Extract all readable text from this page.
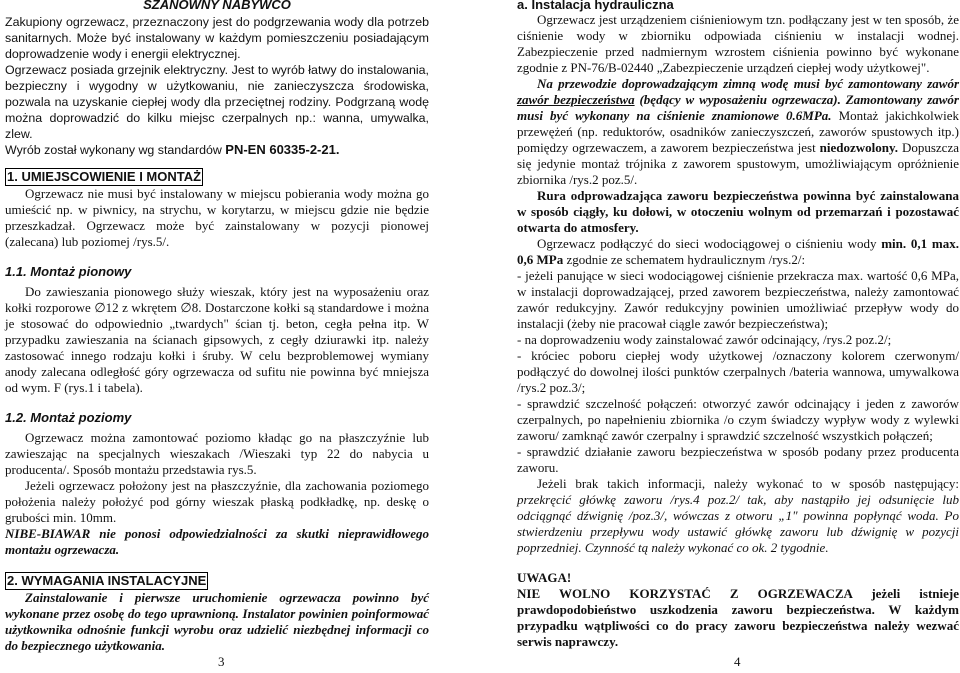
SZANOWNY NABYWCO

Zakupiony ogrzewacz, przeznaczony jest do podgrzewania wody dla potrzeb sanitarnych. Może być instalowany w każdym pomieszczeniu posiadającym doprowadzenie wody i energii elektrycznej.

Ogrzewacz posiada grzejnik elektryczny. Jest to wyrób łatwy do instalowania, bezpieczny i wygodny w użytkowaniu, nie zanieczyszcza środowiska, pozwala na uzyskanie ciepłej wody dla przeciętnej rodziny. Podgrzaną wodę można doprowadzić do kilku miejsc czerpalnych np.: wanna, umywalka, zlew.

Wyrób został wykonany wg standardów PN-EN 60335-2-21.

1. UMIEJSCOWIENIE I MONTAŻ

Ogrzewacz nie musi być instalowany w miejscu pobierania wody można go umieścić np. w piwnicy, na strychu, w korytarzu, w miejscu gdzie nie będzie przeszkadzał. Ogrzewacz może być zainstalowany w pozycji pionowej (zalecana) lub poziomej /rys.5/.

1.1. Montaż pionowy

Do zawieszania pionowego służy wieszak, który jest na wyposażeniu oraz kołki rozporowe ∅12 z wkrętem ∅8. Dostarczone kołki są standardowe i można je stosować do odpowiednio „twardych" ścian tj. beton, cegła pełna itp. W przypadku zawieszania na ścianach gipsowych, z cegły dziurawki itp. należy zastosować innego rodzaju kołki i śruby. W celu bezproblemowej wymiany anody zalecana odległość góry ogrzewacza od sufitu nie powinna być mniejsza od wym. F (rys.1 i tabela).

1.2. Montaż poziomy

Ogrzewacz można zamontować poziomo kładąc go na płaszczyźnie lub zawieszając na specjalnych wieszakach /Wieszaki typ 22 do nabycia u producenta/. Sposób montażu przedstawia rys.5.

Jeżeli ogrzewacz położony jest na płaszczyźnie, dla zachowania poziomego położenia należy położyć pod górny wieszak płaską podkładkę, np. deskę o grubości min. 10mm.

NIBE-BIAWAR nie ponosi odpowiedzialności za skutki nieprawidłowego montażu ogrzewacza.

2. WYMAGANIA INSTALACYJNE

Zainstalowanie i pierwsze uruchomienie ogrzewacza powinno być wykonane przez osobę do tego uprawnioną. Instalator powinien poinformować użytkownika odnośnie funkcji wyrobu oraz udzielić niezbędnej informacji co do bezpiecznego użytkowania.

3
a. Instalacja hydrauliczna

Ogrzewacz jest urządzeniem ciśnieniowym tzn. podłączany jest w ten sposób, że ciśnienie wody w zbiorniku odpowiada ciśnieniu w instalacji wodnej. Zabezpieczenie przed nadmiernym wzrostem ciśnienia powinno być wykonane zgodnie z PN-76/B-02440 „Zabezpieczenie urządzeń ciepłej wody użytkowej".

Na przewodzie doprowadzającym zimną wodę musi być zamontowany zawór zawór bezpieczeństwa (będący w wyposażeniu ogrzewacza). Zamontowany zawór musi być wykonany na ciśnienie znamionowe 0.6MPa. Montaż jakichkolwiek przewężeń (np. reduktorów, osadników zanieczyszczeń, zaworów spustowych itp.) pomiędzy ogrzewaczem, a zaworem bezpieczeństwa jest niedozwolony. Dopuszcza się jedynie montaż trójnika z zaworem spustowym, umożliwiającym opróżnienie zbiornika /rys.2 poz.5/.

Rura odprowadzająca zaworu bezpieczeństwa powinna być zainstalowana w sposób ciągły, ku dołowi, w otoczeniu wolnym od przemarzań i pozostawać otwarta do atmosfery.

Ogrzewacz podłączyć do sieci wodociągowej o ciśnieniu wody min. 0,1 max. 0,6 MPa zgodnie ze schematem hydraulicznym /rys.2/:

- jeżeli panujące w sieci wodociągowej ciśnienie przekracza max. wartość 0,6 MPa, w instalacji doprowadzającej, przed zaworem bezpieczeństwa, należy zamontować zawór redukcyjny. Zawór redukcyjny powinien umożliwiać przepływ wody do instalacji (żeby nie pracował ciągle zawór bezpieczeństwa);

- na doprowadzeniu wody zainstalować zawór odcinający, /rys.2 poz.2/;

- króciec poboru ciepłej wody użytkowej /oznaczony kolorem czerwonym/ podłączyć do dowolnej ilości punktów czerpalnych /bateria wannowa, umywalkowa /rys.2 poz.3/;

- sprawdzić szczelność połączeń: otworzyć zawór odcinający i jeden z zaworów czerpalnych, po napełnieniu zbiornika /o czym świadczy wypływ wody z wylewki zaworu/ zamknąć zawór czerpalny i sprawdzić szczelność wszystkich połączeń;

- sprawdzić działanie zaworu bezpieczeństwa w sposób podany przez producenta zaworu.

Jeżeli brak takich informacji, należy wykonać to w sposób następujący: przekręcić główkę zaworu /rys.4 poz.2/ tak, aby nastąpiło jej odsunięcie lub odciągnąć dźwignię /poz.3/, wówczas z otworu „1" powinna popłynąć woda. Po stwierdzeniu przepływu wody ustawić główkę zaworu lub dźwignię w pozycji poprzedniej. Czynność tą należy wykonać co ok. 2 tygodnie.

UWAGA!

NIE WOLNO KORZYSTAĆ Z OGRZEWACZA jeżeli istnieje prawdopodobieństwo uszkodzenia zaworu bezpieczeństwa. W każdym przypadku wątpliwości co do pracy zaworu bezpieczeństwa należy wezwać serwis naprawczy.

4
